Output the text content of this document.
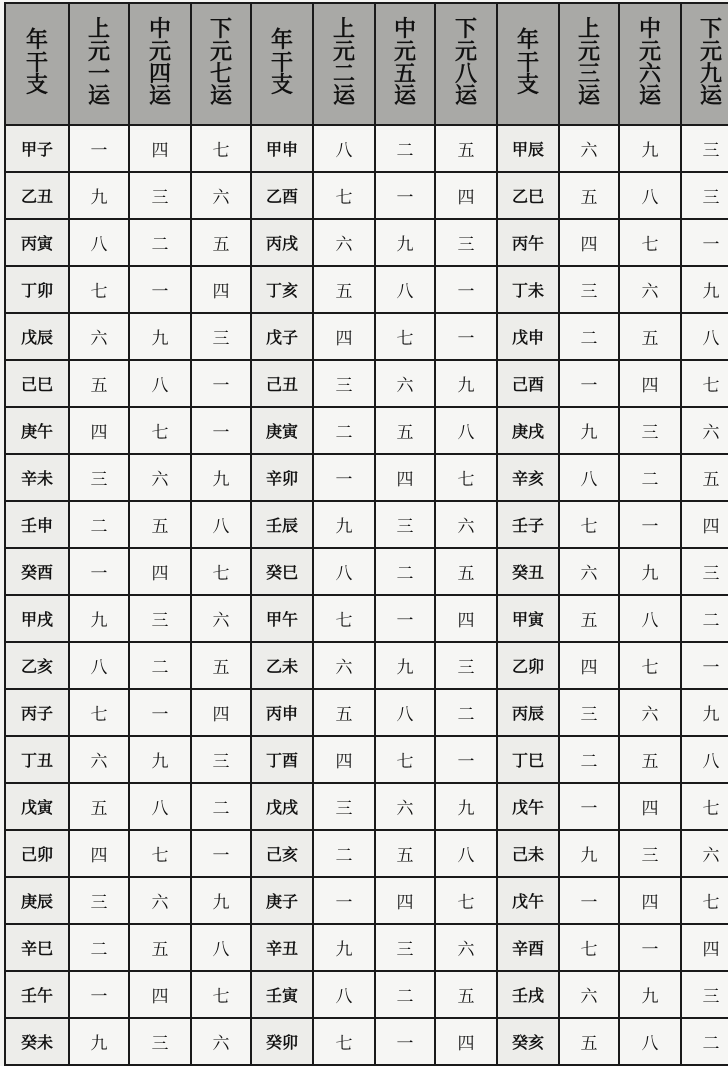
年干支	上元一运	中元四运	下元七运	年干支	上元二运	中元五运	下元八运	年干支	上元三运	中元六运	下元九运
甲子	一	四	七	甲申	八	二	五	甲辰	六	九	三
乙丑	九	三	六	乙酉	七	一	四	乙巳	五	八	三
丙寅	八	二	五	丙戌	六	九	三	丙午	四	七	一
丁卯	七	一	四	丁亥	五	八	一	丁未	三	六	九
戊辰	六	九	三	戊子	四	七	一	戊申	二	五	八
己巳	五	八	一	己丑	三	六	九	己酉	一	四	七
庚午	四	七	一	庚寅	二	五	八	庚戌	九	三	六
辛未	三	六	九	辛卯	一	四	七	辛亥	八	二	五
壬申	二	五	八	壬辰	九	三	六	壬子	七	一	四
癸酉	一	四	七	癸巳	八	二	五	癸丑	六	九	三
甲戌	九	三	六	甲午	七	一	四	甲寅	五	八	二
乙亥	八	二	五	乙未	六	九	三	乙卯	四	七	一
丙子	七	一	四	丙申	五	八	二	丙辰	三	六	九
丁丑	六	九	三	丁酉	四	七	一	丁巳	二	五	八
戊寅	五	八	二	戊戌	三	六	九	戊午	一	四	七
己卯	四	七	一	己亥	二	五	八	己未	九	三	六
庚辰	三	六	九	庚子	一	四	七	戊午	一	四	七
辛巳	二	五	八	辛丑	九	三	六	辛酉	七	一	四
壬午	一	四	七	壬寅	八	二	五	壬戌	六	九	三
癸未	九	三	六	癸卯	七	一	四	癸亥	五	八	二
